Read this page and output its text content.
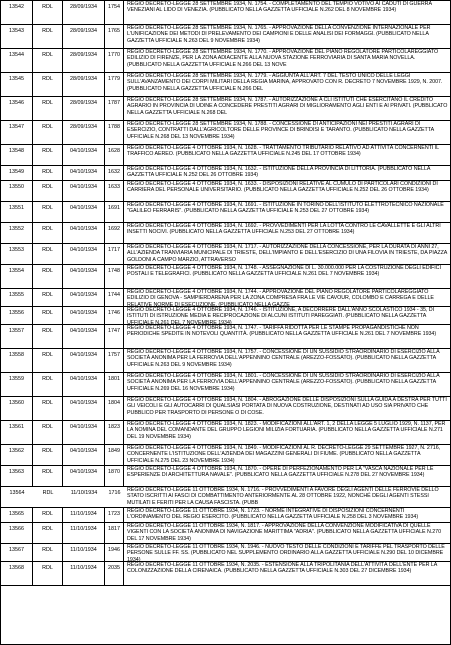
13542	RDL	28/09/1934	1754	REGIO DECRETO-LEGGE 28 SETTEMBRE 1934, N. 1754. - COMPLETAMENTO DEL TEMPIO VOTIVO AI CADUTI DI GUERRA VENEZIANI AL LIDO DI VENEZIA. (PUBBLICATO NELLA GAZZETTA UFFICIALE N.262 DEL 8 NOVEMBRE 1934)
13543	RDL	28/09/1934	1765	REGIO DECRETO-LEGGE 28 SETTEMBRE 1934, N. 1765. - APPROVAZIONE DELLA CONVENZIONE INTERNAZIONALE PER L'UNIFICAZIONE DEI METODI DI PRELEVAMENTO DEI CAMPIONI E DELLE ANALISI DEI FORMAGGI. (PUBBLICATO NELLA GAZZETTA UFFICIALE N.263 DEL 9 NOVEMBRE 1934)
13544	RDL	28/09/1934	1770	REGIO DECRETO-LEGGE 28 SETTEMBRE 1934, N. 1770. - APPROVAZIONE DEL PIANO REGOLATORE PARTICOLAREGGIATO EDILIZIO DI FIRENZE, PER LA ZONA ADIACENTE ALLA NUOVA STAZIONE FERROVIARIA DI SANTA MARIA NOVELLA. (PUBBLICATO NELLA GAZZETTA UFFICIALE N.266 DEL 13 NOVE
13545	RDL	28/09/1934	1779	REGIO DECRETO-LEGGE 28 SETTEMBRE 1934, N. 1779. - AGGIUNTA ALL'ART. 7 DEL TESTO UNICO DELLE LEGGI SULL'AVANZAMENTO DEI CORPI MILITARI DELLA REGIA MARINA, APPROVATO CON R. DECRETO 7 NOVEMBRE 1929, N. 2007. (PUBBLICATO NELLA GAZZETTA UFFICIALE N.266 DEL
13546	RDL	28/09/1934	1787	REGIO DECRETO-LEGGE 28 SETTEMBRE 1934, N. 1787. - AUTORIZZAZIONE A CLI ISTITUTI CHE ESERCITANO IL CREDITO AGRARIO IN PROVINCIA DI UDINE A CONCEDERE PRESTITI AGRARI DI MIGLIORAMENTO AGLI ENTI E AI PRIVATI. (PUBBLICATO NELLA GAZZETTA UFFICIALE N.268 DEL
13547	RDL	28/09/1934	1788	REGIO DECRETO-LEGGE 28 SETTEMBRE 1934, N. 1788. - CONCESSIONE DI ANTICIPAZIONI NEI PRESTITI AGRARI DI ESERCIZIO, CONTRATTI DALL'AGRICOLTORE DELLE PROVINCE DI BRINDISI E TARANTO. (PUBBLICATO NELLA GAZZETTA UFFICIALE N.268 DEL 13 NOVEMBRE 1934)
13548	RDL	04/10/1934	1628	REGIO DECRETO-LEGGE 4 OTTOBRE 1934, N. 1628. - TRATTAMENTO TRIBUTARIO RELATIVO AD ATTIVITÀ CONCERNENTI IL TRAFFICO AEREO. (PUBBLICATO NELLA GAZZETTA UFFICIALE N.245 DEL 17 OTTOBRE 1934)
13549	RDL	04/10/1934	1632	REGIO DECRETO-LEGGE 4 OTTOBRE 1934, N. 1632. - ISTITUZIONE DELLA PROVINCIA DI LITTORIA. (PUBBLICATO NELLA GAZZETTA UFFICIALE N.252 DEL 26 OTTOBRE 1934)
13550	RDL	04/10/1934	1633	REGIO DECRETO-LEGGE 4 OTTOBRE 1934, N. 1633. - DISPOSIZIONI RELATIVE AL CUMULO DI PARTICOLARI CONDIZIONI DI CARRIERA DEL PERSONALE UNIVERSITARIO. (PUBBLICATO NELLA GAZZETTA UFFICIALE N.252 DEL 26 OTTOBRE 1934)
13551	RDL	04/10/1934	1691	REGIO DECRETO-LEGGE 4 OTTOBRE 1934, N. 1691. - ISTITUZIONE IN TORINO DELL'ISTITUTO ELETTROTECNICO NAZIONALE "GALILEO FERRARIS". (PUBBLICATO NELLA GAZZETTA UFFICIALE N.253 DEL 27 OTTOBRE 1934)
13552	RDL	04/10/1934	1692	REGIO DECRETO-LEGGE 4 OTTOBRE 1934, N. 1692. - PROVVEDIMENTI PER LA LOTTA CONTRO LE CAVALLETTE E GLI ALTRI INSETTI NOCIVI. (PUBBLICATO NELLA GAZZETTA UFFICIALE N.253 DEL 27 OTTOBRE 1934)
13553	RDL	04/10/1934	1717	REGIO DECRETO-LEGGE 4 OTTOBRE 1934, N. 1717. - AUTORIZZAZIONE DELLA CONCESSIONE, PER LA DURATA DI ANNI 27, ALL'AZIENDA TRANVIARIA MUNICIPALE DI TRIESTE, DELL'IMPIANTO E DELL'ESERCIZIO DI UNA FILOVIA IN TRIESTE, DA PIAZZA GOLDONI A CAMPO MARZIO, ATTRAVERSO
13554	RDL	04/10/1934	1748	REGIO DECRETO-LEGGE 4 OTTOBRE 1934, N. 1748. - ASSEGNAZIONE DI L. 30.000.000 PER LA COSTRUZIONE DEGLI EDIFICI POSTALI E TELEGRAFICI. (PUBBLICATO NELLA GAZZETTA UFFICIALE N.261 DEL 7 NOVEMBRE 1934)
13555	RDL	04/10/1934	1744	REGIO DECRETO-LEGGE 4 OTTOBRE 1934, N. 1744. - APPROVAZIONE DEL PIANO REGOLATORE PARTICOLAREGGIATO EDILIZIO DI GENOVA - SAMPIERDARENA PER LA ZONA COMPRESA FRA LE VIE CAVOUR, COLOMBO E CARREGA E DELLE RELATIVE NORME DI ESECUZIONE. (PUBBLICATO NELLA GAZZE
13556	RDL	04/10/1934	1746	REGIO DECRETO-LEGGE 4 OTTOBRE 1934, N. 1746. - ISTITUZIONE, A DECORRERE DALL'ANNO SCOLASTICO 1934 - 35, DI ISTITUTI DI ISTRUZIONE MEDIA E RECIPROCAZIONE DI ALCUNI ISTITUTI PAREGGIATI. (PUBBLICATO NELLA GAZZETTA UFFICIALE N.261 DEL 7 NOVEMBRE 1934)
13557	RDL	04/10/1934	1747	REGIO DECRETO-LEGGE 4 OTTOBRE 1934, N. 1747. - TARIFFA RIDOTTA PER LE STAMPE PROPAGANDISTICHE NON PERIODICHE SPEDITE IN NOTEVOLI QUANTITÀ. (PUBBLICATO NELLA GAZZETTA UFFICIALE N.261 DEL 7 NOVEMBRE 1934)
13558	RDL	04/10/1934	1757	REGIO DECRETO-LEGGE 4 OTTOBRE 1934, N. 1757. - CONCESSIONE DI UN SUSSIDIO STRAORDINARIO DI ESERCIZIO ALLA SOCIETÀ ANONIMA PER LA FERROVIA DELL'APPENNINO CENTRALE (AREZZO-FOSSATO). (PUBBLICATO NELLA GAZZETTA UFFICIALE N.263 DEL 9 NOVEMBRE 1934)
13559	RDL	04/10/1934	1801	REGIO DECRETO-LEGGE 4 OTTOBRE 1934, N. 1801. - CONCESSIONE DI UN SUSSIDIO STRAORDINARIO DI ESERCIZIO ALLA SOCIETÀ ANONIMA PER LA FERROVIA DELL'APPENNINO CENTRALE (AREZZO-FOSSATO). (PUBBLICATO NELLA GAZZETTA UFFICIALE N.269 DEL 16 NOVEMBRE 1934)
13560	RDL	04/10/1934	1804	REGIO DECRETO-LEGGE 4 OTTOBRE 1934, N. 1804. - ABROGAZIONE DELLE DISPOSIZIONI SULLA GUIDA A DESTRA PER TUTTI GLI VEICOLI E GLI AUTOCARRI DI QUALSIASI PORTATA DI NUOVA COSTRUZIONE, DESTINATI AD USO SIA PRIVATO CHE PUBBLICO PER TRASPORTO DI PERSONE O DI COSE.
13561	RDL	04/10/1934	1823	REGIO DECRETO-LEGGE 4 OTTOBRE 1934, N. 1823. - MODIFICAZIONI ALL'ART. 1, 2 DELLA LEGGE 5 LUGLIO 1929, N. 1137, PER LA NOMINA DEL COMANDANTE DEL GRUPPO LEGIONI MILIZIA FORTUARIA. (PUBBLICATO NELLA GAZZETTA UFFICIALE N.271 DEL 19 NOVEMBRE 1934)
13562	RDL	04/10/1934	1849	REGIO DECRETO-LEGGE 4 OTTOBRE 1934, N. 1849. - MODIFICAZIONI AL R. DECRETO-LEGGE 29 SETTEMBRE 1927, N. 2716, CONCERNENTE L'ISTITUZIONE DELL'AZIENDA DEI MAGAZZINI GENERALI DI FIUME. (PUBBLICATO NELLA GAZZETTA UFFICIALE N.275 DEL 23 NOVEMBRE 1934)
13563	RDL	04/10/1934	1870	REGIO DECRETO-LEGGE 4 OTTOBRE 1934, N. 1870. - OPERE DI PERFEZIONAMENTO PER LA "VASCA NAZIONALE PER LE ESPERIENZE DI ARCHITETTURA NAVALE". (PUBBLICATO NELLA GAZZETTA UFFICIALE N.278 DEL 27 NOVEMBRE 1934)
13564	RDL	11/10/1934	1716	REGIO DECRETO-LEGGE 11 OTTOBRE 1934, N. 1716. - PROVVEDIMENTI A FAVORE DEGLI AGENTI DELLE FERROVIE DELLO STATO ISCRITTI AI FASCI DI COMBATTIMENTO ANTERIORMENTE AL 28 OTTOBRE 1922, NONCHÉ DEGLI AGENTI STESSI MUTILATI E FERITI PER LA CAUSA FASCISTA. (PUBB
13565	RDL	11/10/1934	1723	REGIO DECRETO-LEGGE 11 OTTOBRE 1934, N. 1723. - NORME INTEGRATIVE DI DISPOSIZIONI CONCERNENTI L'ORDINAMENTO DEL REGIO ESERCITO. (PUBBLICATO NELLA GAZZETTA UFFICIALE N.258 DEL 3 NOVEMBRE 1934)
13566	RDL	11/10/1934	1817	REGIO DECRETO-LEGGE 11 OTTOBRE 1934, N. 1817. - APPROVAZIONE DELLA CONVENZIONE MODIFICATIVA DI QUELLE VIGENTI CON LA SOCIETÀ ANONIMA DI NAVIGAZIONE MARITTIMA "ADRIA". (PUBBLICATO NELLA GAZZETTA UFFICIALE N.270 DEL 17 NOVEMBRE 1934)
13567	RDL	11/10/1934	1946	REGIO DECRETO-LEGGE 11 OTTOBRE 1934, N. 1946. - NUOVO TESTO DELLE CONDIZIONI E TARIFFE PEL TRASPORTO DELLE PERSONE SULLE FF. SS. (PUBBLICATO NEL SUPPLEMENTO ORDINARIO ALLA GAZZETTA UFFICIALE N.290 DEL 10 DICEMBRE 1934)
13568	RDL	11/10/1934	2035	REGIO DECRETO-LEGGE 11 OTTOBRE 1934, N. 2035. - ESTENSIONE ALLA TRIPOLITANIA DELL'ATTIVITÀ DELL'ENTE PER LA COLONIZZAZIONE DELLA CIRENAICA. (PUBBLICATO NELLA GAZZETTA UFFICIALE N.303 DEL 27 DICEMBRE 1934)
